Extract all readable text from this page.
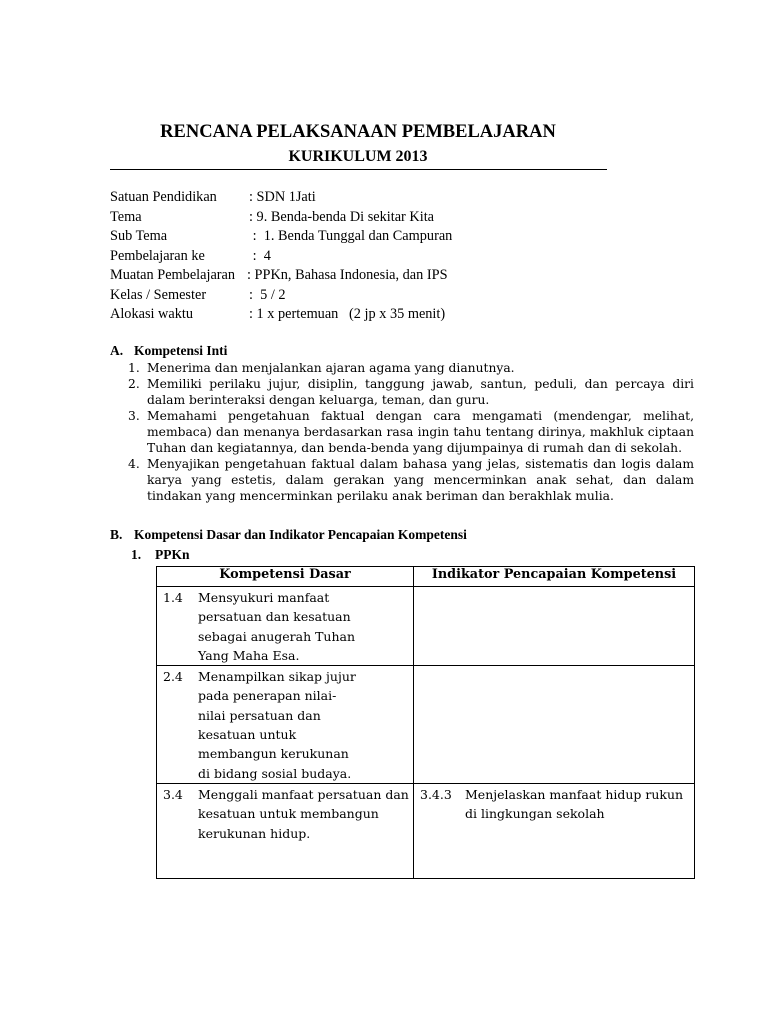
RENCANA PELAKSANAAN PEMBELAJARAN
KURIKULUM 2013
Satuan Pendidikan : SDN 1Jati
Tema	: 9. Benda-benda Di sekitar Kita
Sub Tema	:  1. Benda Tunggal dan Campuran
Pembelajaran ke	:  4
Muatan Pembelajaran : PPKn, Bahasa Indonesia, dan IPS
Kelas / Semester	:  5 / 2
Alokasi waktu	: 1 x pertemuan   (2 jp x 35 menit)
A. Kompetensi Inti
1. Menerima dan menjalankan ajaran agama yang dianutnya.
2. Memiliki perilaku jujur, disiplin, tanggung jawab, santun, peduli, dan percaya diri dalam berinteraksi dengan keluarga, teman, dan guru.
3. Memahami pengetahuan faktual dengan cara mengamati (mendengar, melihat, membaca) dan menanya berdasarkan rasa ingin tahu tentang dirinya, makhluk ciptaan Tuhan dan kegiatannya, dan benda-benda yang dijumpainya di rumah dan di sekolah.
4. Menyajikan pengetahuan faktual dalam bahasa yang jelas, sistematis dan logis dalam karya yang estetis, dalam gerakan yang mencerminkan anak sehat, dan dalam tindakan yang mencerminkan perilaku anak beriman dan berakhlak mulia.
B. Kompetensi Dasar dan Indikator Pencapaian Kompetensi
1. PPKn
Kompetensi Dasar	Indikator Pencapaian Kompetensi

1.4 Mensyukuri manfaat persatuan dan kesatuan sebagai anugerah Tuhan Yang Maha Esa.	

2.4 Menampilkan sikap jujur pada penerapan nilai-nilai persatuan dan kesatuan untuk membangun kerukunan di bidang sosial budaya.	

3.4 Menggali manfaat persatuan dan kesatuan untuk membangun kerukunan hidup.	3.4.3 Menjelaskan manfaat hidup rukun di lingkungan sekolah
